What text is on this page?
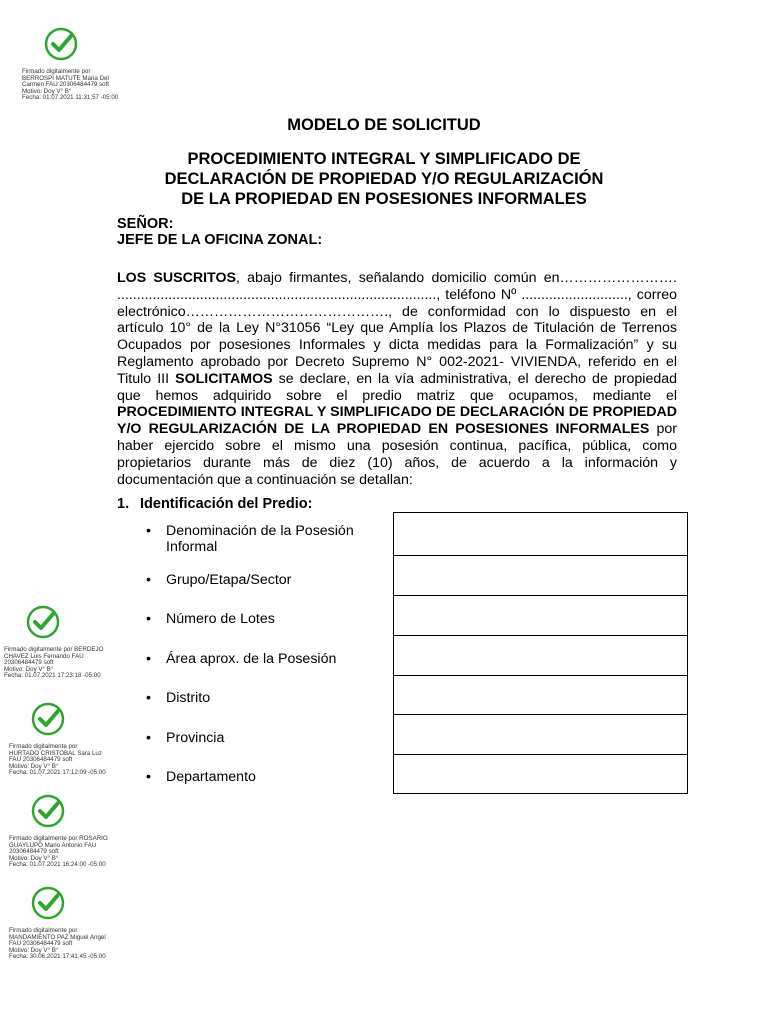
Firmado digitalmente por
BERROSPI MATUTE Maria Del
Carmen FAU 20306484479 soft
Motivo: Doy V° B°
Fecha: 01.07.2021 11:31:57 -05:00

Firmado digitalmente por BERDEJO
CHAVEZ Luis Fernando FAU
20306484479 soft
Motivo: Doy V° B°
Fecha: 01.07.2021 17:23:18 -05:00

Firmado digitalmente por
HURTADO CRISTOBAL Sara Luz
FAU 20306484479 soft
Motivo: Doy V° B°
Fecha: 01.07.2021 17:12:09 -05:00

Firmado digitalmente por ROSARIO
GUAYLUPO Mario Antonio FAU
20306484479 soft
Motivo: Doy V° B°
Fecha: 01.07.2021 16:24:00 -05:00

Firmado digitalmente por
MANDAMIENTO PAZ Miguel Angel
FAU 20306484479 soft
Motivo: Doy V° B°
Fecha: 30.06.2021 17:41:45 -05:00

MODELO DE SOLICITUD
PROCEDIMIENTO INTEGRAL Y SIMPLIFICADO DE
DECLARACIÓN DE PROPIEDAD Y/O REGULARIZACIÓN
DE LA PROPIEDAD EN POSESIONES INFORMALES
SEÑOR:
JEFE DE LA OFICINA ZONAL:
LOS SUSCRITOS, abajo firmantes, señalando domicilio común en……………………. ................................................................................., teléfono Nº ..........................., correo electrónico……………………………………., de conformidad con lo dispuesto en el artículo 10° de la Ley N°31056 “Ley que Amplía los Plazos de Titulación de Terrenos Ocupados por posesiones Informales y dicta medidas para la Formalización” y su Reglamento aprobado por Decreto Supremo N° 002-2021- VIVIENDA, referido en el Titulo III SOLICITAMOS se declare, en la vía administrativa, el derecho de propiedad que hemos adquirido sobre el predio matriz que ocupamos, mediante el PROCEDIMIENTO INTEGRAL Y SIMPLIFICADO DE DECLARACIÓN DE PROPIEDAD Y/O REGULARIZACIÓN DE LA PROPIEDAD EN POSESIONES INFORMALES por haber ejercido sobre el mismo una posesión continua, pacífica, pública, como propietarios durante más de diez (10) años, de acuerdo a la información y documentación que a continuación se detallan:
1. Identificación del Predio:
• Denominación de la Posesión Informal
• Grupo/Etapa/Sector
• Número de Lotes
• Área aprox. de la Posesión
• Distrito
• Provincia
• Departamento
